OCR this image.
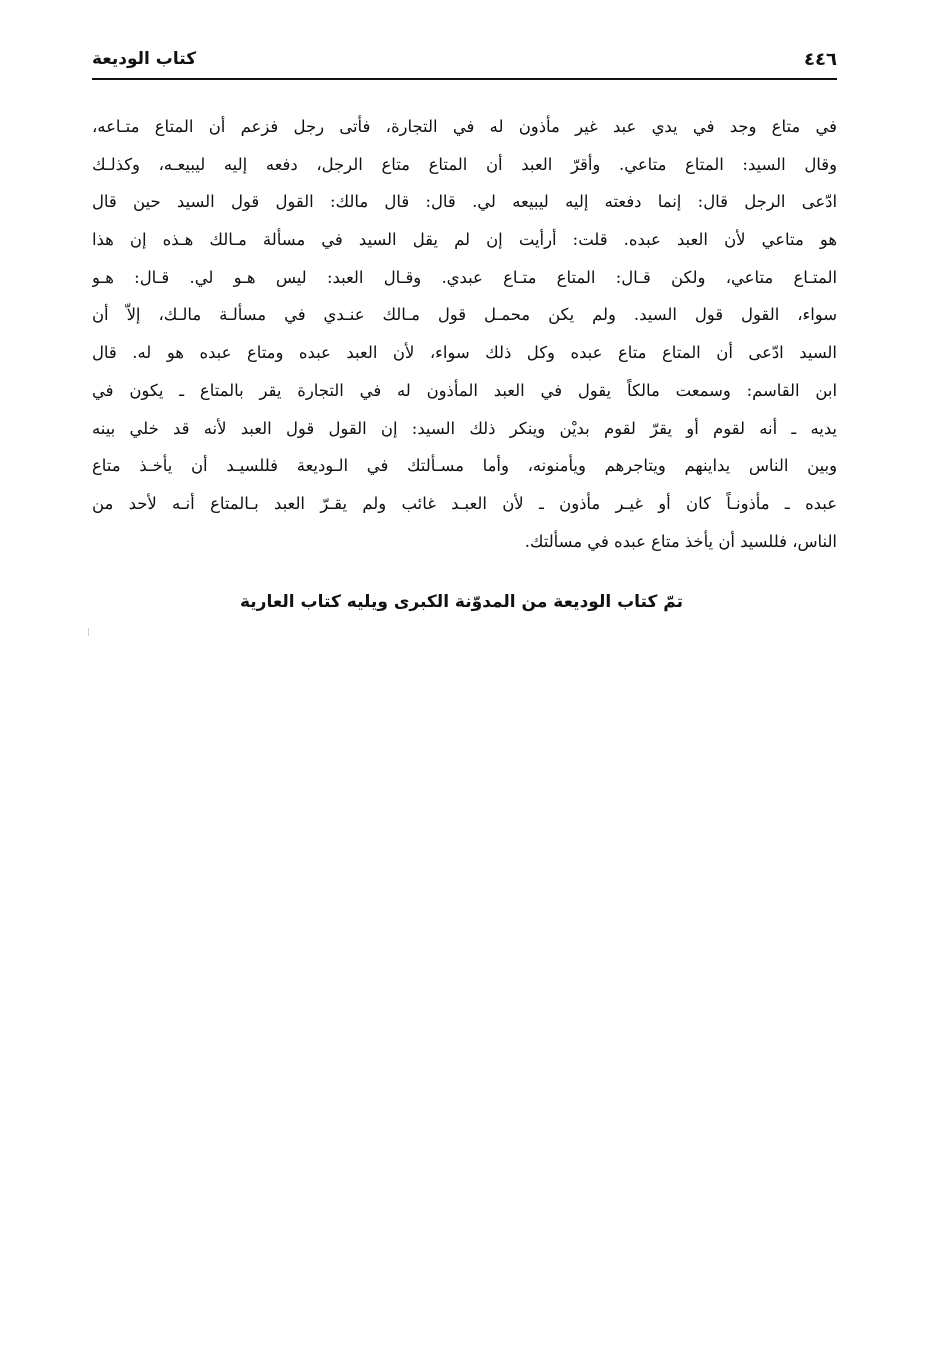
كتاب الوديعة	٤٤٦
في متاع وجد في يدي عبد غير مأذون له في التجارة، فأتى رجل فزعم أن المتاع متـاعه،
وقال السيد: المتاع متاعي. وأقرّ العبد أن المتاع متاع الرجل، دفعه إليه ليبيعـه، وكذلـك
ادّعى الرجل قال: إنما دفعته إليه ليبيعه لي. قال: قال مالك: القول قول السيد حين قال
هو متاعي لأن العبد عبده. قلت: أرأيت إن لم يقل السيد في مسألة مـالك هـذه إن هذا
المتـاع متاعي، ولكن قـال: المتاع متـاع عبدي. وقـال العبد: ليس هـو لي. قـال: هـو
سواء، القول قول السيد. ولم يكن محمـل قول مـالك عنـدي في مسألـة مالـك، إلاّ أن
السيد ادّعى أن المتاع متاع عبده وكل ذلك سواء، لأن العبد عبده ومتاع عبده هو له. قال
ابن القاسم: وسمعت مالكاً يقول في العبد المأذون له في التجارة يقر بالمتاع ـ يكون في
يديه ـ أنه لقوم أو يقرّ لقوم بديْن وينكر ذلك السيد: إن القول قول العبد لأنه قد خلي بينه
وبين الناس يداينهم ويتاجرهم ويأمنونه، وأما مسـألتك في الـوديعة فللسيـد أن يأخـذ متاع
عبده ـ مأذونـاً كان أو غيـر مأذون ـ لأن العبـد غائب ولم يقـرّ العبد بـالمتاع أنـه لأحد من
الناس، فللسيد أن يأخذ متاع عبده في مسألتك.
تمّ كتاب الوديعة من المدوّنة الكبرى ويليه كتاب العارية
